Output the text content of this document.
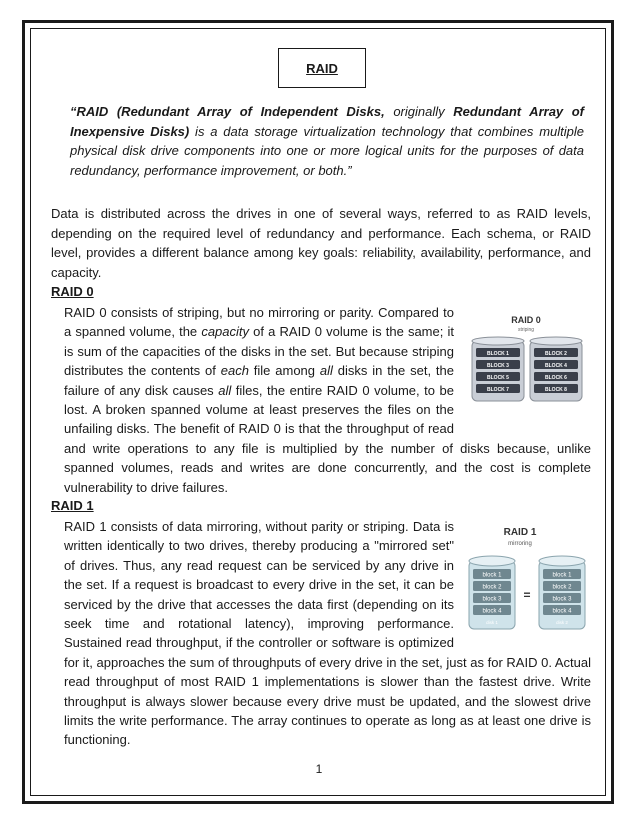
RAID
“RAID (Redundant Array of Independent Disks, originally Redundant Array of Inexpensive Disks) is a data storage virtualization technology that combines multiple physical disk drive components into one or more logical units for the purposes of data redundancy, performance improvement, or both.”
Data is distributed across the drives in one of several ways, referred to as RAID levels, depending on the required level of redundancy and performance. Each schema, or RAID level, provides a different balance among key goals: reliability, availability, performance, and capacity.
RAID 0
RAID 0
striping
BLOCK 1
BLOCK 3
BLOCK 5
BLOCK 7
BLOCK 2
BLOCK 4
BLOCK 6
BLOCK 8
RAID 0 consists of striping, but no mirroring or parity. Compared to a spanned volume, the capacity of a RAID 0 volume is the same; it is sum of the capacities of the disks in the set. But because striping distributes the contents of each file among all disks in the set, the failure of any disk causes all files, the entire RAID 0 volume, to be lost. A broken spanned volume at least preserves the files on the unfailing disks. The benefit of RAID 0 is that the throughput of read and write operations to any file is multiplied by the number of disks because, unlike spanned volumes, reads and writes are done concurrently, and the cost is complete vulnerability to drive failures.
RAID 1
RAID 1
mirroring
block 1
block 2
block 3
block 4
disk 1
=
block 1
block 2
block 3
block 4
disk 2
RAID 1 consists of data mirroring, without parity or striping. Data is written identically to two drives, thereby producing a "mirrored set" of drives. Thus, any read request can be serviced by any drive in the set. If a request is broadcast to every drive in the set, it can be serviced by the drive that accesses the data first (depending on its seek time and rotational latency), improving performance. Sustained read throughput, if the controller or software is optimized for it, approaches the sum of throughputs of every drive in the set, just as for RAID 0. Actual read throughput of most RAID 1 implementations is slower than the fastest drive. Write throughput is always slower because every drive must be updated, and the slowest drive limits the write performance. The array continues to operate as long as at least one drive is functioning.
1
